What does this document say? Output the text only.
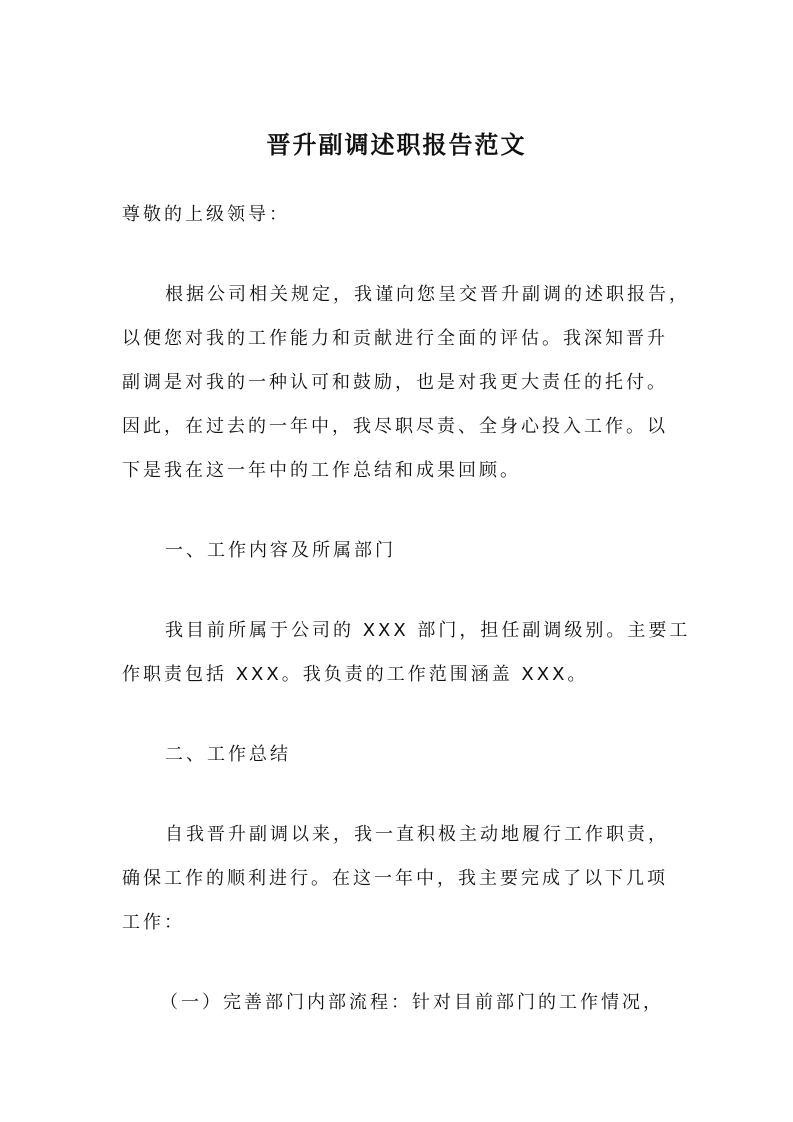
晋升副调述职报告范文
尊敬的上级领导：
根据公司相关规定，我谨向您呈交晋升副调的述职报告，
以便您对我的工作能力和贡献进行全面的评估。我深知晋升
副调是对我的一种认可和鼓励，也是对我更大责任的托付。
因此，在过去的一年中，我尽职尽责、全身心投入工作。以
下是我在这一年中的工作总结和成果回顾。
一、工作内容及所属部门
我目前所属于公司的 XXX 部门，担任副调级别。主要工
作职责包括 XXX。我负责的工作范围涵盖 XXX。
二、工作总结
自我晋升副调以来，我一直积极主动地履行工作职责，
确保工作的顺利进行。在这一年中，我主要完成了以下几项
工作：
（一）完善部门内部流程：针对目前部门的工作情况，
